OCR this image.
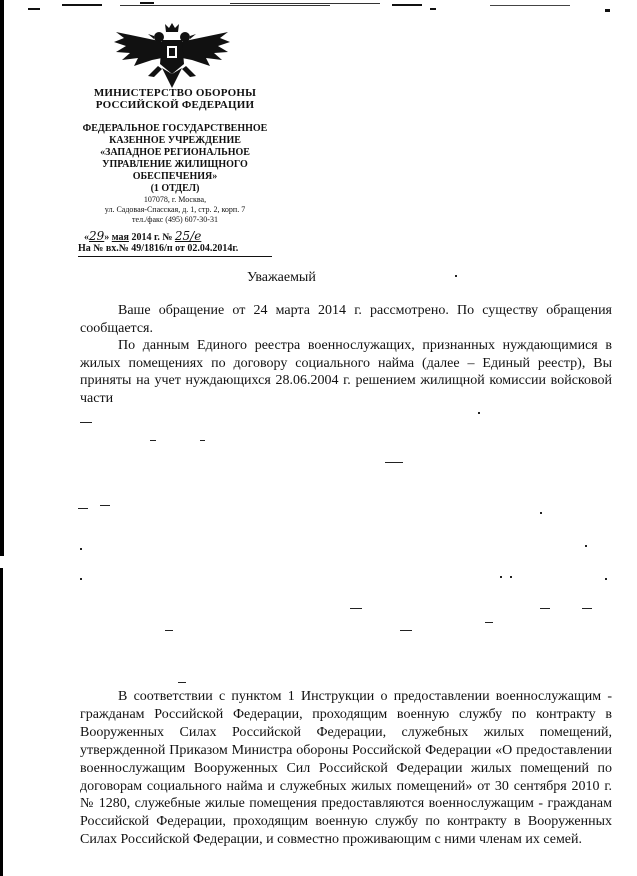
МИНИСТЕРСТВО ОБОРОНЫ
РОССИЙСКОЙ ФЕДЕРАЦИИ
ФЕДЕРАЛЬНОЕ ГОСУДАРСТВЕННОЕ
КАЗЕННОЕ УЧРЕЖДЕНИЕ
«ЗАПАДНОЕ РЕГИОНАЛЬНОЕ
УПРАВЛЕНИЕ ЖИЛИЩНОГО
ОБЕСПЕЧЕНИЯ»
(1 ОТДЕЛ)
107078, г. Москва,
ул. Садовая-Спасская, д. 1, стр. 2, корп. 7
тел./факс (495) 607-30-31
«29» мая 2014 г. № 25/е
На № вх.№ 49/1816/п от 02.04.2014г.
Уважаемый
Ваше обращение от 24 марта 2014 г. рассмотрено. По существу обращения сообщается.
По данным Единого реестра военнослужащих, признанных нуждающимися в жилых помещениях по договору социального найма (далее – Единый реестр), Вы приняты на учет нуждающихся 28.06.2004 г. решением жилищной комиссии войсковой части
В соответствии с пунктом 1 Инструкции о предоставлении военнослужащим - гражданам Российской Федерации, проходящим военную службу по контракту в Вооруженных Силах Российской Федерации, служебных жилых помещений, утвержденной Приказом Министра обороны Российской Федерации «О предоставлении военнослужащим Вооруженных Сил Российской Федерации жилых помещений по договорам социального найма и служебных жилых помещений» от 30 сентября 2010 г. № 1280, служебные жилые помещения предоставляются военнослужащим - гражданам Российской Федерации, проходящим военную службу по контракту в Вооруженных Силах Российской Федерации, и совместно проживающим с ними членам их семей.
